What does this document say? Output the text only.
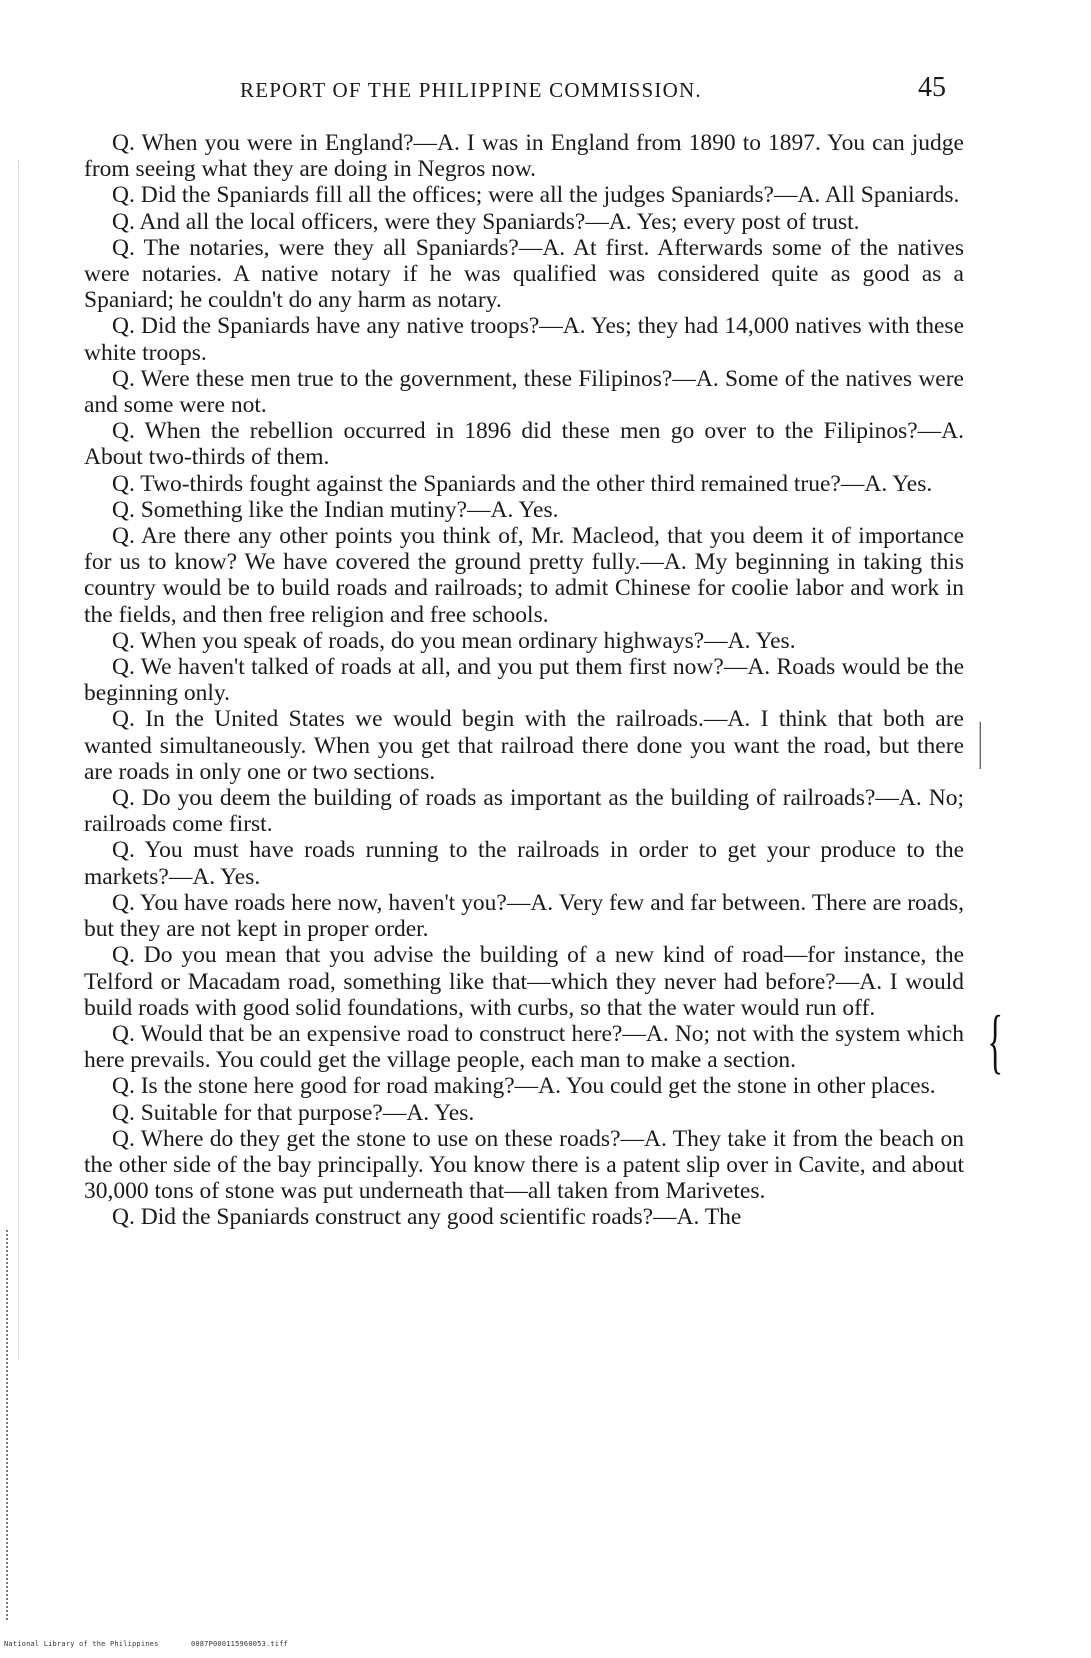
REPORT OF THE PHILIPPINE COMMISSION.	45

Q. When you were in England?—A. I was in England from 1890 to 1897. You can judge from seeing what they are doing in Negros now.

Q. Did the Spaniards fill all the offices; were all the judges Spaniards?—A. All Spaniards.

Q. And all the local officers, were they Spaniards?—A. Yes; every post of trust.

Q. The notaries, were they all Spaniards?—A. At first. Afterwards some of the natives were notaries. A native notary if he was qualified was considered quite as good as a Spaniard; he couldn't do any harm as notary.

Q. Did the Spaniards have any native troops?—A. Yes; they had 14,000 natives with these white troops.

Q. Were these men true to the government, these Filipinos?—A. Some of the natives were and some were not.

Q. When the rebellion occurred in 1896 did these men go over to the Filipinos?—A. About two-thirds of them.

Q. Two-thirds fought against the Spaniards and the other third remained true?—A. Yes.

Q. Something like the Indian mutiny?—A. Yes.

Q. Are there any other points you think of, Mr. Macleod, that you deem it of importance for us to know? We have covered the ground pretty fully.—A. My beginning in taking this country would be to build roads and railroads; to admit Chinese for coolie labor and work in the fields, and then free religion and free schools.

Q. When you speak of roads, do you mean ordinary highways?—A. Yes.

Q. We haven't talked of roads at all, and you put them first now?—A. Roads would be the beginning only.

Q. In the United States we would begin with the railroads.—A. I think that both are wanted simultaneously. When you get that railroad there done you want the road, but there are roads in only one or two sections.

Q. Do you deem the building of roads as important as the building of railroads?—A. No; railroads come first.

Q. You must have roads running to the railroads in order to get your produce to the markets?—A. Yes.

Q. You have roads here now, haven't you?—A. Very few and far between. There are roads, but they are not kept in proper order.

Q. Do you mean that you advise the building of a new kind of road—for instance, the Telford or Macadam road, something like that—which they never had before?—A. I would build roads with good solid foundations, with curbs, so that the water would run off.

Q. Would that be an expensive road to construct here?—A. No; not with the system which here prevails. You could get the village people, each man to make a section.

Q. Is the stone here good for road making?—A. You could get the stone in other places.

Q. Suitable for that purpose?—A. Yes.

Q. Where do they get the stone to use on these roads?—A. They take it from the beach on the other side of the bay principally. You know there is a patent slip over in Cavite, and about 30,000 tons of stone was put underneath that—all taken from Marivetes.

Q. Did the Spaniards construct any good scientific roads?—A. The

|
{
National Library of the Philippines	0087P000115960053.tiff
